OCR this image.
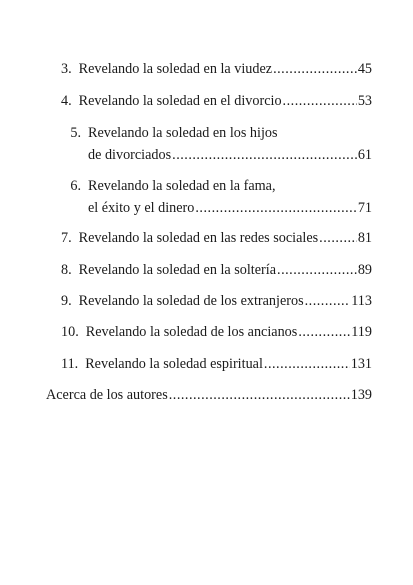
3. Revelando la soledad en la viudez .....	45
4. Revelando la soledad en el divorcio .....	53
5. Revelando la soledad en los hijos
de divorciados .....	61
6. Revelando la soledad en la fama,
el éxito y el dinero .....	71
7. Revelando la soledad en las redes sociales .....	81
8. Revelando la soledad en la soltería .....	89
9. Revelando la soledad de los extranjeros .....	113
10. Revelando la soledad de los ancianos .....	119
11. Revelando la soledad espiritual .....	131
Acerca de los autores .....	139
